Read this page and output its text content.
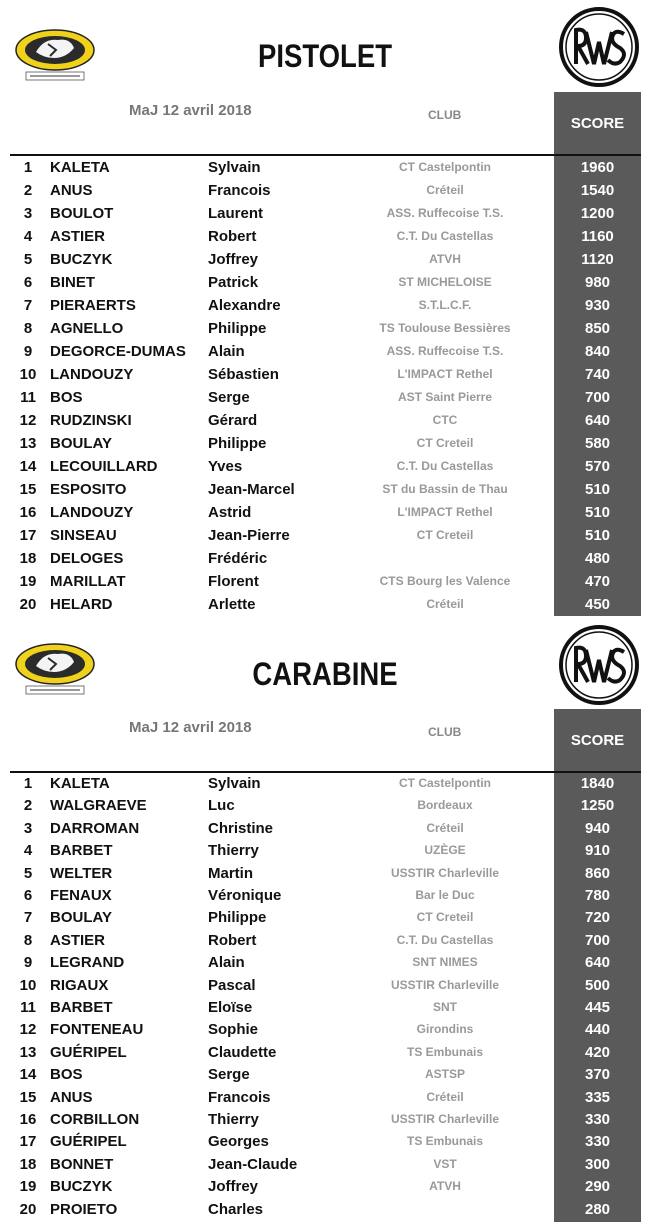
PISTOLET
MaJ 12 avril 2018	CLUB	SCORE
1	KALETA	Sylvain	CT Castelpontin	1960
2	ANUS	Francois	Créteil	1540
3	BOULOT	Laurent	ASS. Ruffecoise T.S.	1200
4	ASTIER	Robert	C.T. Du Castellas	1160
5	BUCZYK	Joffrey	ATVH	1120
6	BINET	Patrick	ST MICHELOISE	980
7	PIERAERTS	Alexandre	S.T.L.C.F.	930
8	AGNELLO	Philippe	TS Toulouse Bessières	850
9	DEGORCE-DUMAS Alain	ASS. Ruffecoise T.S.	840
10 LANDOUZY	Sébastien	L'IMPACT Rethel	740
11 BOS	Serge	AST Saint Pierre	700
12 RUDZINSKI	Gérard	CTC	640
13 BOULAY	Philippe	CT Creteil	580
14 LECOUILLARD	Yves	C.T. Du Castellas	570
15 ESPOSITO	Jean-Marcel	ST du Bassin de Thau	510
16 LANDOUZY	Astrid	L'IMPACT Rethel	510
17 SINSEAU	Jean-Pierre	CT Creteil	510
18 DELOGES	Frédéric	480
19 MARILLAT	Florent	CTS Bourg les Valence	470
20 HELARD	Arlette	Créteil	450
CARABINE
MaJ 12 avril 2018	CLUB	SCORE
1	KALETA	Sylvain	CT Castelpontin	1840
2	WALGRAEVE	Luc	Bordeaux	1250
3	DARROMAN	Christine	Créteil	940
4	BARBET	Thierry	UZÈGE	910
5	WELTER	Martin	USSTIR Charleville	860
6	FENAUX	Véronique	Bar le Duc	780
7	BOULAY	Philippe	CT Creteil	720
8	ASTIER	Robert	C.T. Du Castellas	700
9	LEGRAND	Alain	SNT NIMES	640
10 RIGAUX	Pascal	USSTIR Charleville	500
11 BARBET	Eloïse	SNT	445
12 FONTENEAU	Sophie	Girondins	440
13 GUÉRIPEL	Claudette	TS Embunais	420
14 BOS	Serge	ASTSP	370
15 ANUS	Francois	Créteil	335
16 CORBILLON	Thierry	USSTIR Charleville	330
17 GUÉRIPEL	Georges	TS Embunais	330
18 BONNET	Jean-Claude	VST	300
19 BUCZYK	Joffrey	ATVH	290
20 PROIETO	Charles	280
